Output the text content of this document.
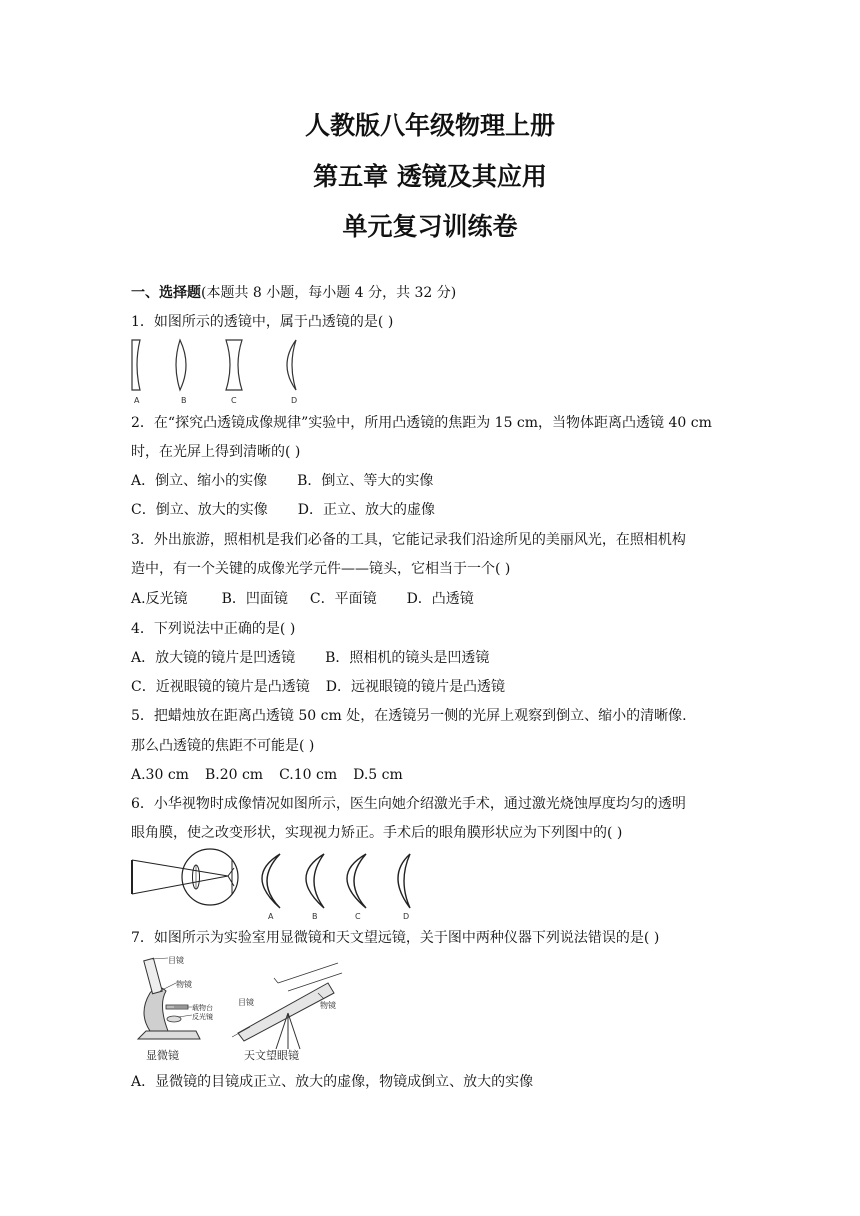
人教版八年级物理上册
第五章 透镜及其应用
单元复习训练卷
一、选择题(本题共 8 小题，每小题 4 分，共 32 分)
1．如图所示的透镜中，属于凸透镜的是( )
A	B	C	D
2．在“探究凸透镜成像规律”实验中，所用凸透镜的焦距为 15 cm，当物体距离凸透镜 40 cm
时，在光屏上得到清晰的( )
A．倒立、缩小的实像 B．倒立、等大的实像
C．倒立、放大的实像 D．正立、放大的虚像
3．外出旅游，照相机是我们必备的工具，它能记录我们沿途所见的美丽风光，在照相机构
造中，有一个关键的成像光学元件——镜头，它相当于一个( )
A.反光镜 B．凹面镜 C．平面镜 D．凸透镜
4．下列说法中正确的是( )
A．放大镜的镜片是凹透镜 B．照相机的镜头是凹透镜
C．近视眼镜的镜片是凸透镜 D．远视眼镜的镜片是凸透镜
5．把蜡烛放在距离凸透镜 50 cm 处，在透镜另一侧的光屏上观察到倒立、缩小的清晰像.
那么凸透镜的焦距不可能是( )
A.30 cm B.20 cm C.10 cm D.5 cm
6．小华视物时成像情况如图所示，医生向她介绍激光手术，通过激光烧蚀厚度均匀的透明
眼角膜，使之改变形状，实现视力矫正。手术后的眼角膜形状应为下列图中的( )
A	B	C	D
7．如图所示为实验室用显微镜和天文望远镜，关于图中两种仪器下列说法错误的是( )
目镜
物镜
载物台
反光镜
显微镜
目镜	物镜
天文望眼镜
A．显微镜的目镜成正立、放大的虚像，物镜成倒立、放大的实像
